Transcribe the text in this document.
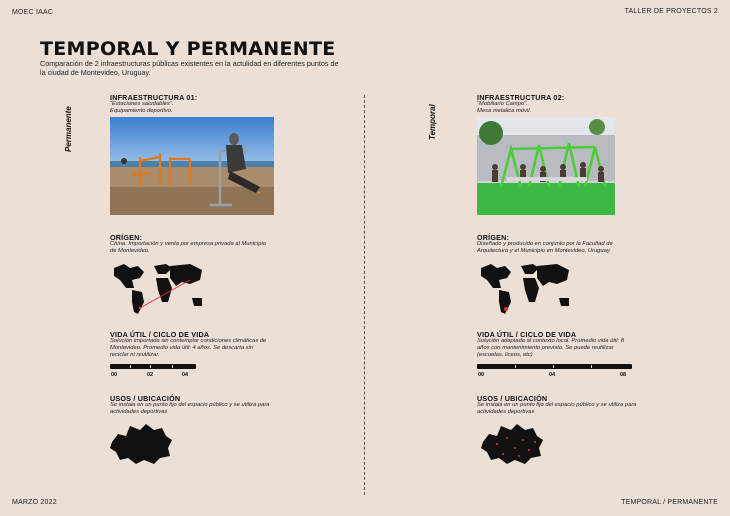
MOEC IAAC	TALLER DE PROYECTOS 2
MARZO 2022	TEMPORAL / PERMANENTE
TEMPORAL Y PERMANENTE
Comparación de 2 infraestructuras públicas existentes en la actulidad en diferentes puntos de la ciudad de Montevideo, Uruguay.
Permanente
INFRAESTRUCTURA 01:
"Estaciones saludables".
Equipamiento deportivo.
ORÍGEN:
China. Importación y venta por empresa privada al Municipio de Montevideo.
VIDA ÚTIL / CICLO DE VIDA
Solución importada sin contemplar condiciones climáticas de Montevideo. Promedio vida útil: 4 años. Se descarta sin reciclar ni reutilizar.
00	02	04
USOS / UBICACIÓN
Se instala en un punto fijo del espacio público y se utiliza para actividades deportivas
Temporal
INFRAESTRUCTURA 02:
"Mobiliario Campo".
Mesa metalica móvil.
ORÍGEN:
Diseñado y producido en conjunto por la Facultad de Arquitectura y el Municipio en Montevideo, Uruguay.
VIDA ÚTIL / CICLO DE VIDA
Solución adaptada al contexto local. Promedio vida útil: 8 años con mantenimiento previsto. Se puede reutilizar (escuelas, liceos, etc)
00	04	08
USOS / UBICACIÓN
Se instala en un punto fijo del espacio público y se utiliza para actividades deportivas
